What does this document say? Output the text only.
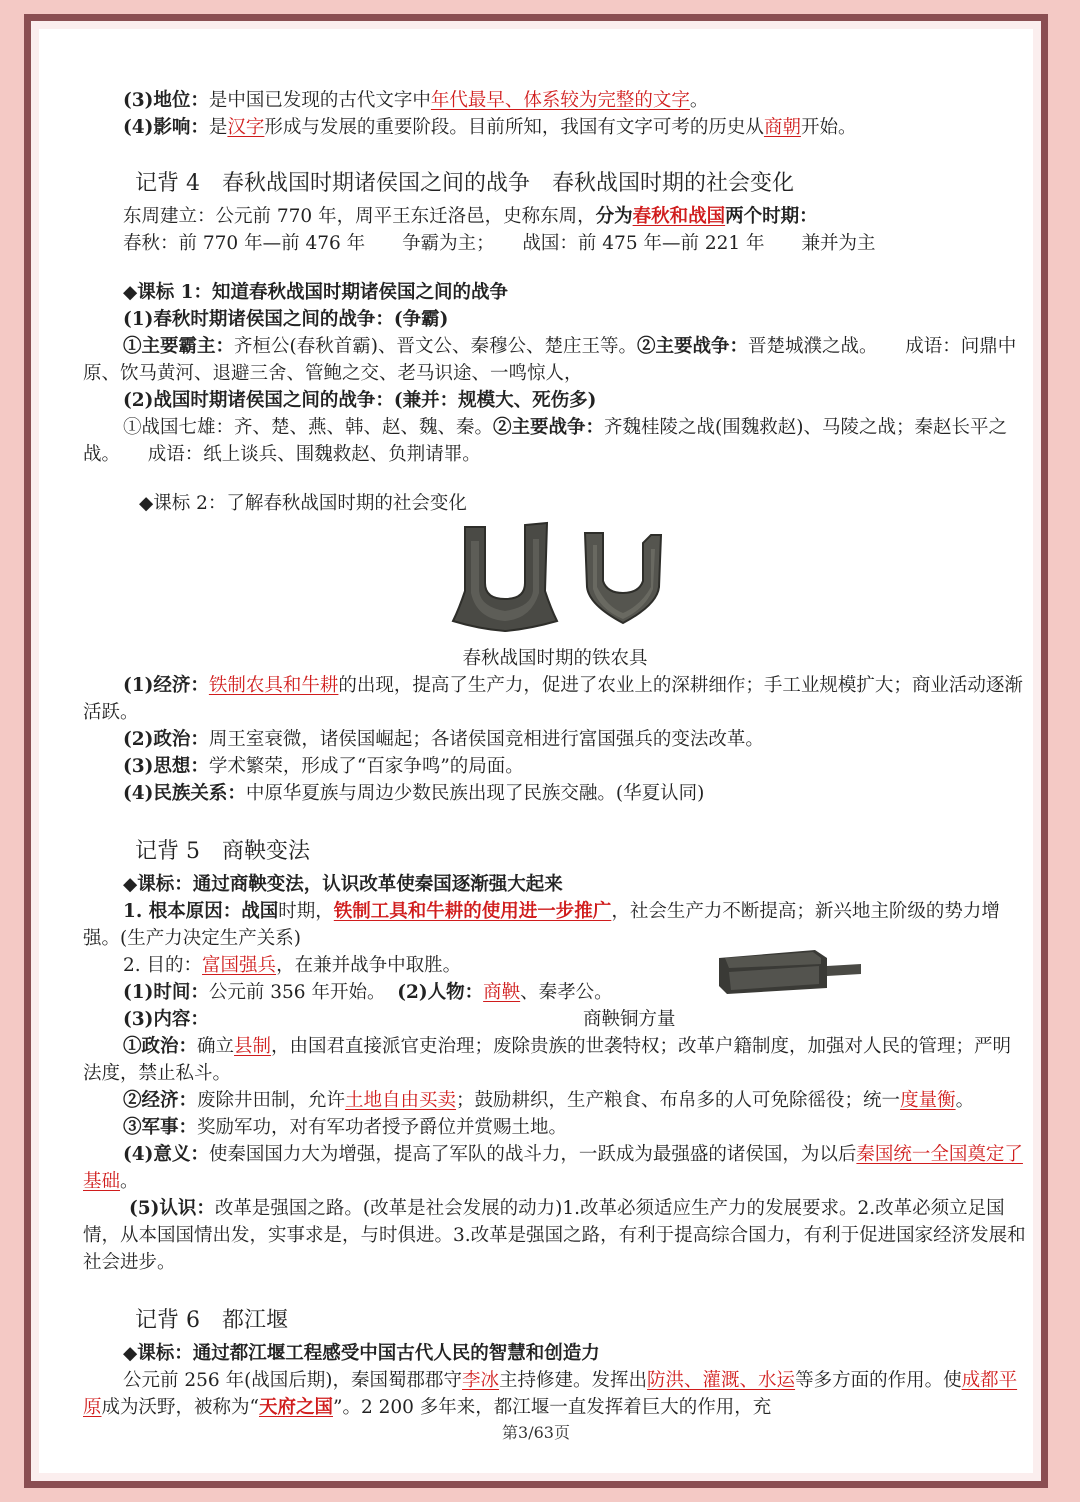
(3)地位：是中国已发现的古代文字中年代最早、体系较为完整的文字。

(4)影响：是汉字形成与发展的重要阶段。目前所知，我国有文字可考的历史从商朝开始。

记背 4　春秋战国时期诸侯国之间的战争　春秋战国时期的社会变化

东周建立：公元前 770 年，周平王东迁洛邑，史称东周，分为春秋和战国两个时期：

春秋：前 770 年—前 476 年　　争霸为主；　　战国：前 475 年—前 221 年　　兼并为主

◆课标 1：知道春秋战国时期诸侯国之间的战争

(1)春秋时期诸侯国之间的战争：(争霸)

①主要霸主：齐桓公(春秋首霸)、晋文公、秦穆公、楚庄王等。②主要战争：晋楚城濮之战。　　成语：问鼎中原、饮马黄河、退避三舍、管鲍之交、老马识途、一鸣惊人，

(2)战国时期诸侯国之间的战争：(兼并：规模大、死伤多)

①战国七雄：齐、楚、燕、韩、赵、魏、秦。②主要战争：齐魏桂陵之战(围魏救赵)、马陵之战；秦赵长平之战。　　成语：纸上谈兵、围魏救赵、负荆请罪。

◆课标 2：了解春秋战国时期的社会变化

春秋战国时期的铁农具

(1)经济：铁制农具和牛耕的出现，提高了生产力，促进了农业上的深耕细作；手工业规模扩大；商业活动逐渐活跃。

(2)政治：周王室衰微，诸侯国崛起；各诸侯国竞相进行富国强兵的变法改革。

(3)思想：学术繁荣，形成了“百家争鸣”的局面。

(4)民族关系：中原华夏族与周边少数民族出现了民族交融。(华夏认同)

记背 5　商鞅变法

◆课标：通过商鞅变法，认识改革使秦国逐渐强大起来

1. 根本原因：战国时期，铁制工具和牛耕的使用进一步推广，社会生产力不断提高；新兴地主阶级的势力增强。(生产力决定生产关系)

2. 目的：富国强兵，在兼并战争中取胜。

(1)时间：公元前 356 年开始。 (2)人物：商鞅、秦孝公。

(3)内容：	商鞅铜方量

①政治：确立县制，由国君直接派官吏治理；废除贵族的世袭特权；改革户籍制度，加强对人民的管理；严明法度，禁止私斗。

②经济：废除井田制，允许土地自由买卖；鼓励耕织，生产粮食、布帛多的人可免除徭役；统一度量衡。

③军事：奖励军功，对有军功者授予爵位并赏赐土地。

(4)意义：使秦国国力大为增强，提高了军队的战斗力，一跃成为最强盛的诸侯国，为以后秦国统一全国奠定了基础。

(5)认识：改革是强国之路。(改革是社会发展的动力)1.改革必须适应生产力的发展要求。2.改革必须立足国情，从本国国情出发，实事求是，与时俱进。3.改革是强国之路，有利于提高综合国力，有利于促进国家经济发展和社会进步。

记背 6　都江堰

◆课标：通过都江堰工程感受中国古代人民的智慧和创造力

公元前 256 年(战国后期)，秦国蜀郡郡守李冰主持修建。发挥出防洪、灌溉、水运等多方面的作用。使成都平原成为沃野，被称为“天府之国”。2 200 多年来，都江堰一直发挥着巨大的作用，充

第3/63页
